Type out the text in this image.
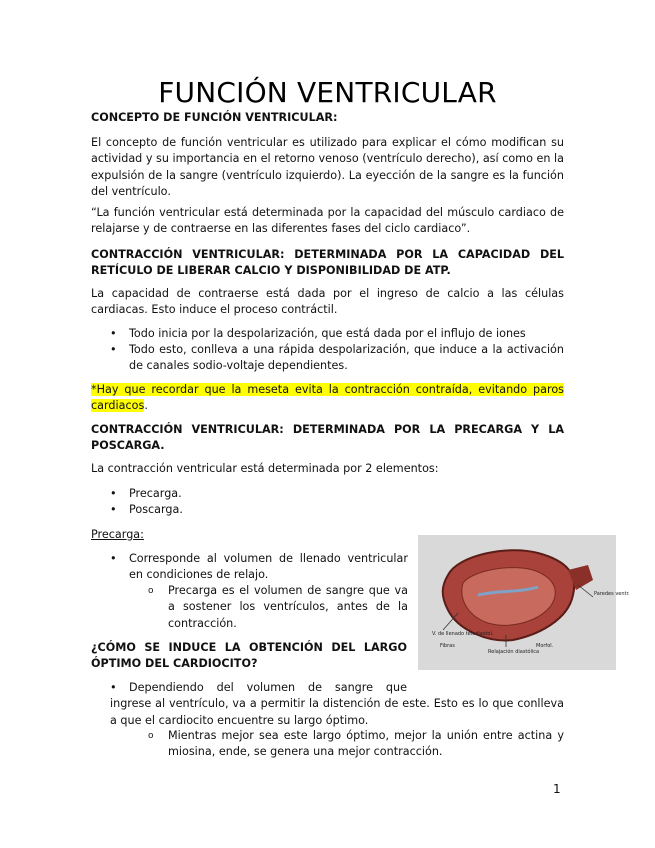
FUNCIÓN VENTRICULAR
CONCEPTO DE FUNCIÓN VENTRICULAR:
El concepto de función ventricular es utilizado para explicar el cómo modifican su actividad y su importancia en el retorno venoso (ventrículo derecho), así como en la expulsión de la sangre (ventrículo izquierdo). La eyección de la sangre es la función del ventrículo.
“La función ventricular está determinada por la capacidad del músculo cardiaco de relajarse y de contraerse en las diferentes fases del ciclo cardiaco”.
CONTRACCIÓN VENTRICULAR: DETERMINADA POR LA CAPACIDAD DEL RETÍCULO DE LIBERAR CALCIO Y DISPONIBILIDAD DE ATP.
La capacidad de contraerse está dada por el ingreso de calcio a las células cardiacas. Esto induce el proceso contráctil.
• Todo inicia por la despolarización, que está dada por el influjo de iones
• Todo esto, conlleva a una rápida despolarización, que induce a la activación de canales sodio-voltaje dependientes.
*Hay que recordar que la meseta evita la contracción contraída, evitando paros cardiacos.
CONTRACCIÓN VENTRICULAR: DETERMINADA POR LA PRECARGA Y LA POSCARGA.
La contracción ventricular está determinada por 2 elementos:
• Precarga.
• Poscarga.
Precarga:
• Corresponde al volumen de llenado ventricular en condiciones de relajo.
o Precarga es el volumen de sangre que va a sostener los ventrículos, antes de la contracción.
¿CÓMO SE INDUCE LA OBTENCIÓN DEL LARGO ÓPTIMO DEL CARDIOCITO?
• Dependiendo del volumen de sangre que
ingrese al ventrículo, va a permitir la distención de este. Esto es lo que conlleva a que el cardiocito encuentre su largo óptimo.
o Mientras mejor sea este largo óptimo, mejor la unión entre actina y miosina, ende, se genera una mejor contracción.
Paredes ventr.
V. de llenado telediastol.
Fibras
Relajación diastólica
Morfol.
1
